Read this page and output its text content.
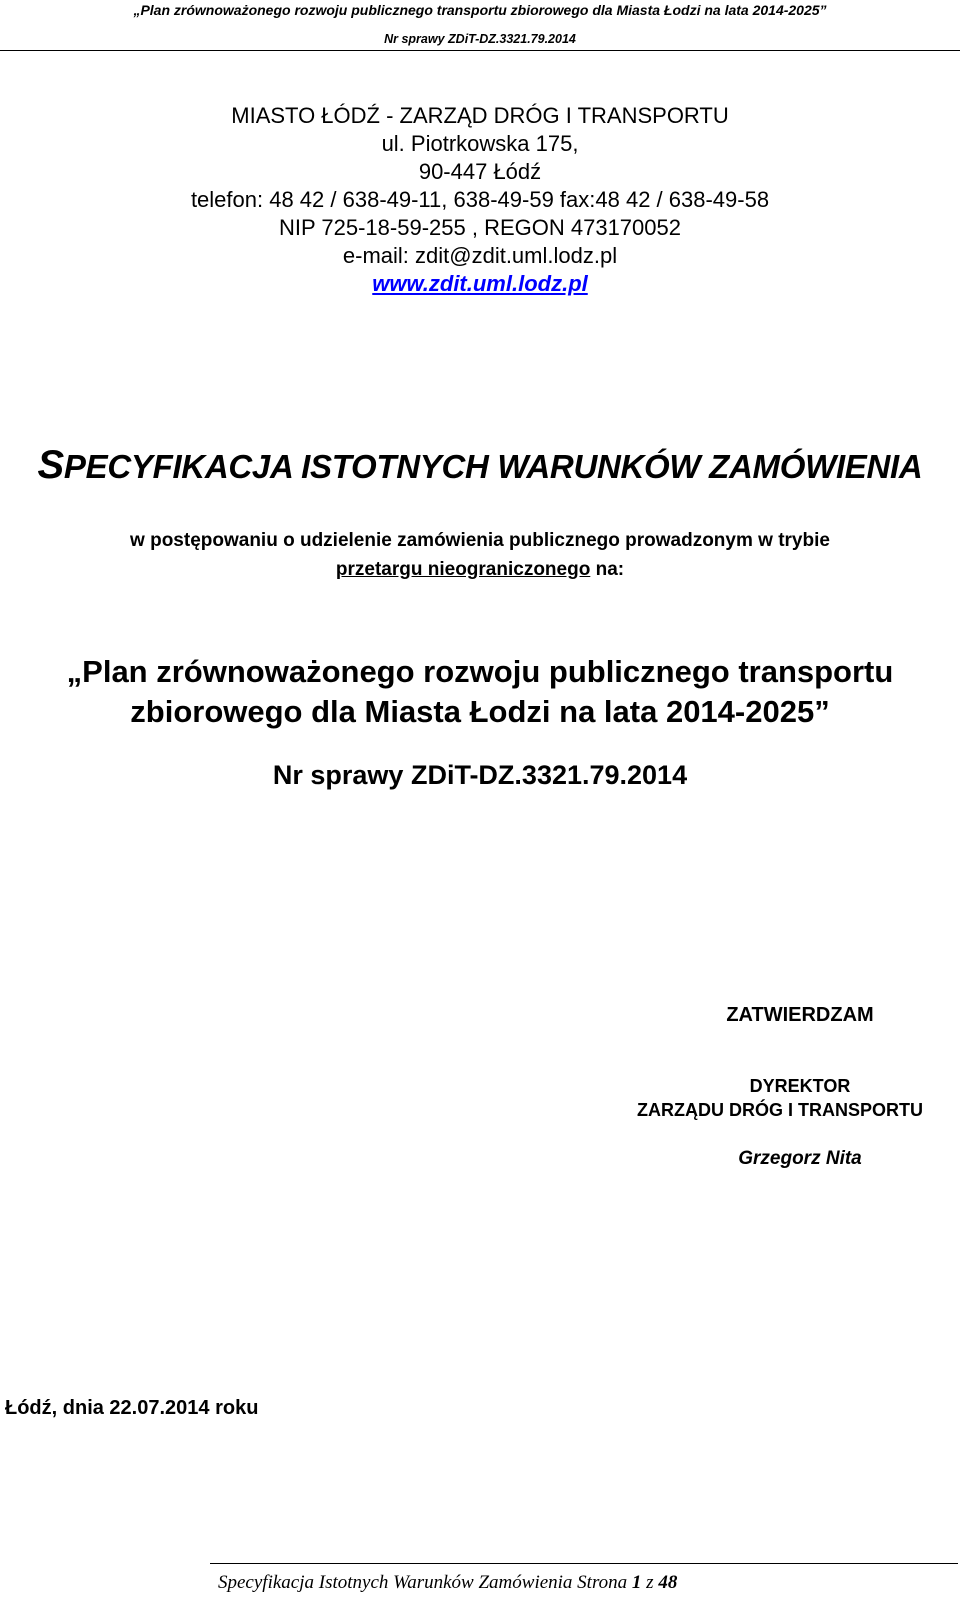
„Plan zrównoważonego rozwoju publicznego transportu zbiorowego dla Miasta Łodzi na lata 2014-2025”
Nr sprawy ZDiT-DZ.3321.79.2014
MIASTO ŁÓDŹ - ZARZĄD DRÓG I TRANSPORTU
ul. Piotrkowska 175,
90-447 Łódź
telefon: 48 42 / 638-49-11, 638-49-59 fax:48 42 / 638-49-58
NIP 725-18-59-255 , REGON 473170052
e-mail: zdit@zdit.uml.lodz.pl
www.zdit.uml.lodz.pl
SPECYFIKACJA ISTOTNYCH WARUNKÓW ZAMÓWIENIA
w postępowaniu o udzielenie zamówienia publicznego prowadzonym w trybie
przetargu nieograniczonego na:
„Plan zrównoważonego rozwoju publicznego transportu
zbiorowego dla Miasta Łodzi na lata 2014-2025”
Nr sprawy ZDiT-DZ.3321.79.2014
ZATWIERDZAM
DYREKTOR
ZARZĄDU DRÓG I TRANSPORTU
Grzegorz Nita
Łódź, dnia 22.07.2014 roku
Specyfikacja Istotnych Warunków Zamówienia Strona 1 z 48
